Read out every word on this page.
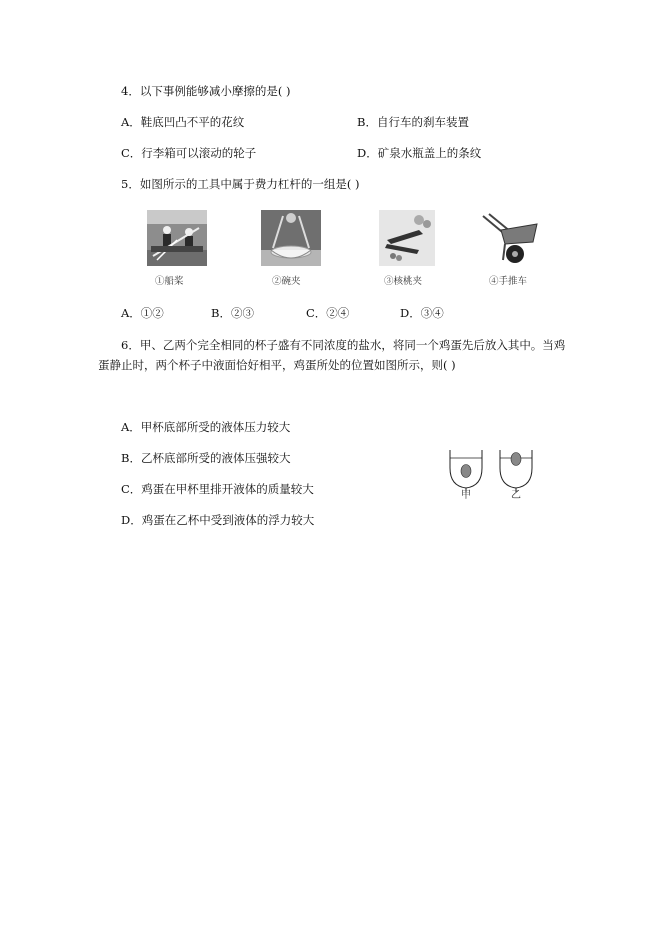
4．以下事例能够减小摩擦的是( )
A．鞋底凹凸不平的花纹	B．自行车的刹车装置
C．行李箱可以滚动的轮子	D．矿泉水瓶盖上的条纹
5．如图所示的工具中属于费力杠杆的一组是( )
①船桨	②碗夹	③核桃夹	④手推车
A．①②	B．②③	C．②④	D．③④
6．甲、乙两个完全相同的杯子盛有不同浓度的盐水，将同一个鸡蛋先后放入其中。当鸡
蛋静止时，两个杯子中液面恰好相平，鸡蛋所处的位置如图所示，则( )
A．甲杯底部所受的液体压力较大
B．乙杯底部所受的液体压强较大
C．鸡蛋在甲杯里排开液体的质量较大
D．鸡蛋在乙杯中受到液体的浮力较大
甲	乙
